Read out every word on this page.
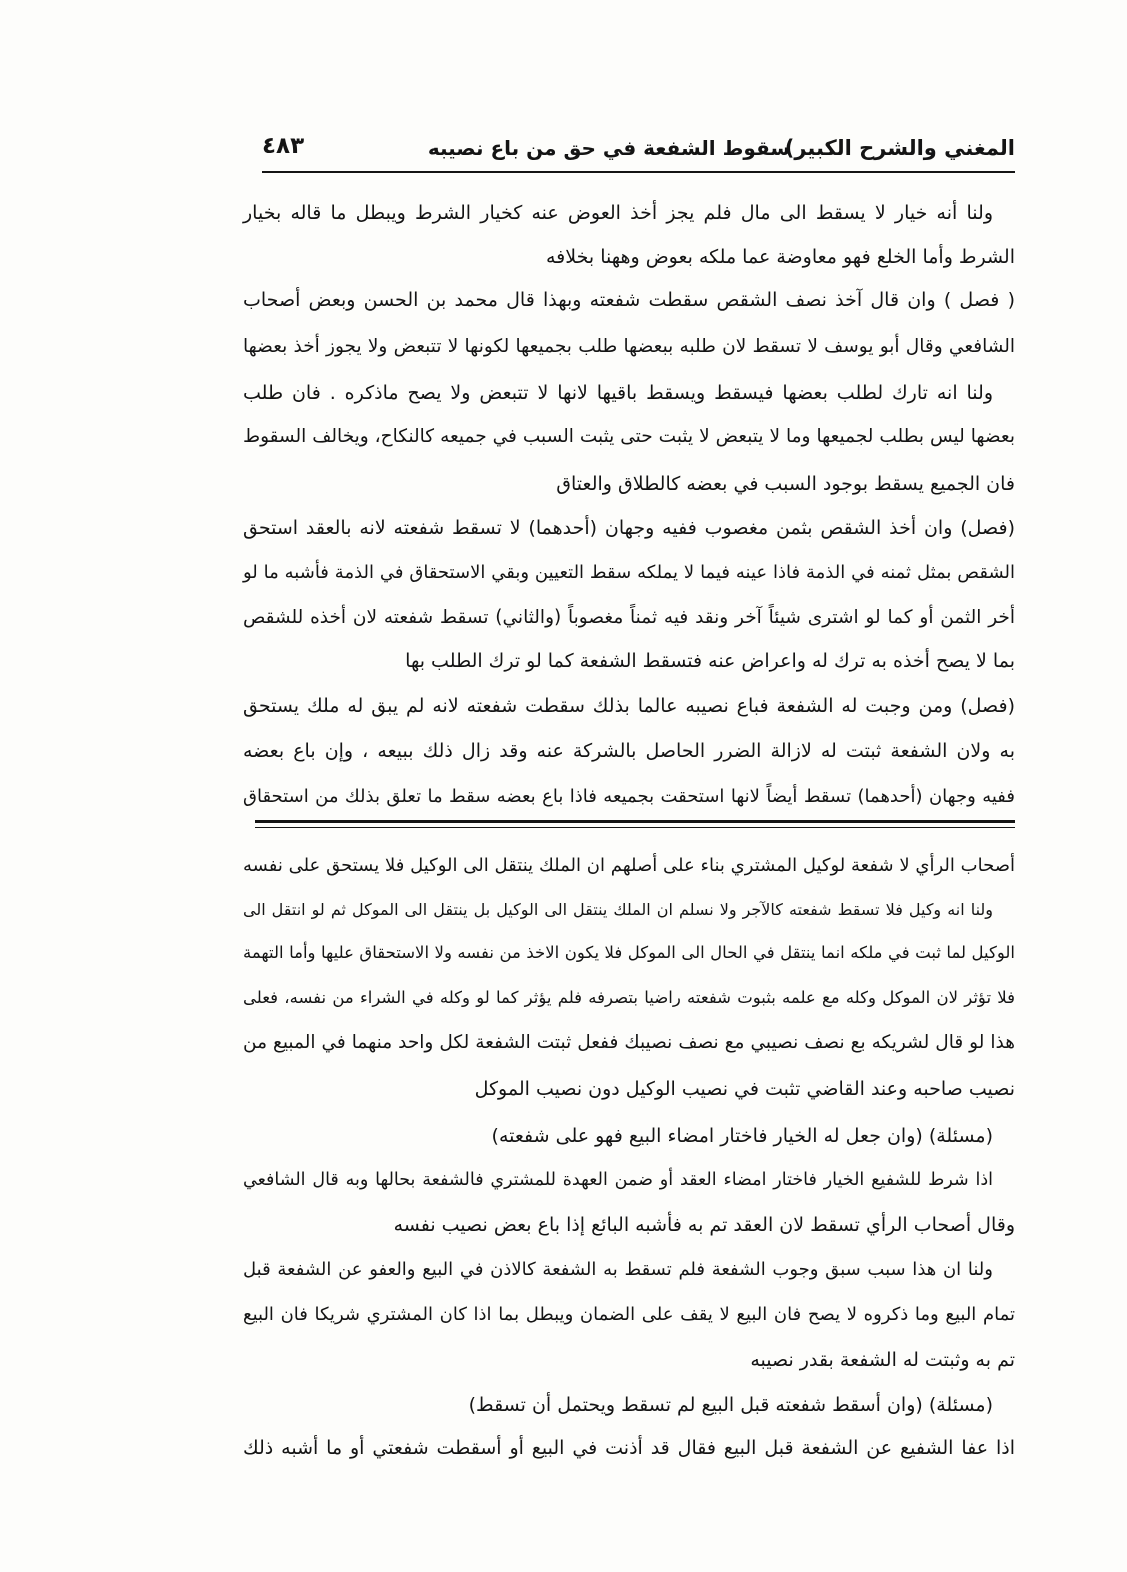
المغني والشرح الكبير)
سقوط الشفعة في حق من باع نصيبه
٤٨٣
ولنا أنه خيار لا يسقط الى مال فلم يجز أخذ العوض عنه كخيار الشرط ويبطل ما قاله بخيار
الشرط وأما الخلع فهو معاوضة عما ملكه بعوض وههنا بخلافه
( فصل ) وان قال آخذ نصف الشقص سقطت شفعته وبهذا قال محمد بن الحسن وبعض أصحاب
الشافعي وقال أبو يوسف لا تسقط لان طلبه ببعضها طلب بجميعها لكونها لا تتبعض ولا يجوز أخذ بعضها
ولنا انه تارك لطلب بعضها فيسقط ويسقط باقيها لانها لا تتبعض ولا يصح ماذكره . فان طلب
بعضها ليس بطلب لجميعها وما لا يتبعض لا يثبت حتى يثبت السبب في جميعه كالنكاح، ويخالف السقوط
فان الجميع يسقط بوجود السبب في بعضه كالطلاق والعتاق
(فصل) وان أخذ الشقص بثمن مغصوب ففيه وجهان (أحدهما) لا تسقط شفعته لانه بالعقد استحق
الشقص بمثل ثمنه في الذمة فاذا عينه فيما لا يملكه سقط التعيين وبقي الاستحقاق في الذمة فأشبه ما لو
أخر الثمن أو كما لو اشترى شيئاً آخر ونقد فيه ثمناً مغصوباً (والثاني) تسقط شفعته لان أخذه للشقص
بما لا يصح أخذه به ترك له واعراض عنه فتسقط الشفعة كما لو ترك الطلب بها
(فصل) ومن وجبت له الشفعة فباع نصيبه عالما بذلك سقطت شفعته لانه لم يبق له ملك يستحق
به ولان الشفعة ثبتت له لازالة الضرر الحاصل بالشركة عنه وقد زال ذلك ببيعه ، وإن باع بعضه
ففيه وجهان (أحدهما) تسقط أيضاً لانها استحقت بجميعه فاذا باع بعضه سقط ما تعلق بذلك من استحقاق
أصحاب الرأي لا شفعة لوكيل المشتري بناء على أصلهم ان الملك ينتقل الى الوكيل فلا يستحق على نفسه
ولنا انه وكيل فلا تسقط شفعته كالآجر ولا نسلم ان الملك ينتقل الى الوكيل بل ينتقل الى الموكل ثم لو انتقل الى
الوكيل لما ثبت في ملكه انما ينتقل في الحال الى الموكل فلا يكون الاخذ من نفسه ولا الاستحقاق عليها وأما التهمة
فلا تؤثر لان الموكل وكله مع علمه بثبوت شفعته راضيا بتصرفه فلم يؤثر كما لو وكله في الشراء من نفسه، فعلى
هذا لو قال لشريكه بع نصف نصيبي مع نصف نصيبك ففعل ثبتت الشفعة لكل واحد منهما في المبيع من
نصيب صاحبه وعند القاضي تثبت في نصيب الوكيل دون نصيب الموكل
(مسئلة) (وان جعل له الخيار فاختار امضاء البيع فهو على شفعته)
اذا شرط للشفيع الخيار فاختار امضاء العقد أو ضمن العهدة للمشتري فالشفعة بحالها وبه قال الشافعي
وقال أصحاب الرأي تسقط لان العقد تم به فأشبه البائع إذا باع بعض نصيب نفسه
ولنا ان هذا سبب سبق وجوب الشفعة فلم تسقط به الشفعة كالاذن في البيع والعفو عن الشفعة قبل
تمام البيع وما ذكروه لا يصح فان البيع لا يقف على الضمان ويبطل بما اذا كان المشتري شريكا فان البيع
تم به وثبتت له الشفعة بقدر نصيبه
(مسئلة) (وان أسقط شفعته قبل البيع لم تسقط ويحتمل أن تسقط)
اذا عفا الشفيع عن الشفعة قبل البيع فقال قد أذنت في البيع أو أسقطت شفعتي أو ما أشبه ذلك
